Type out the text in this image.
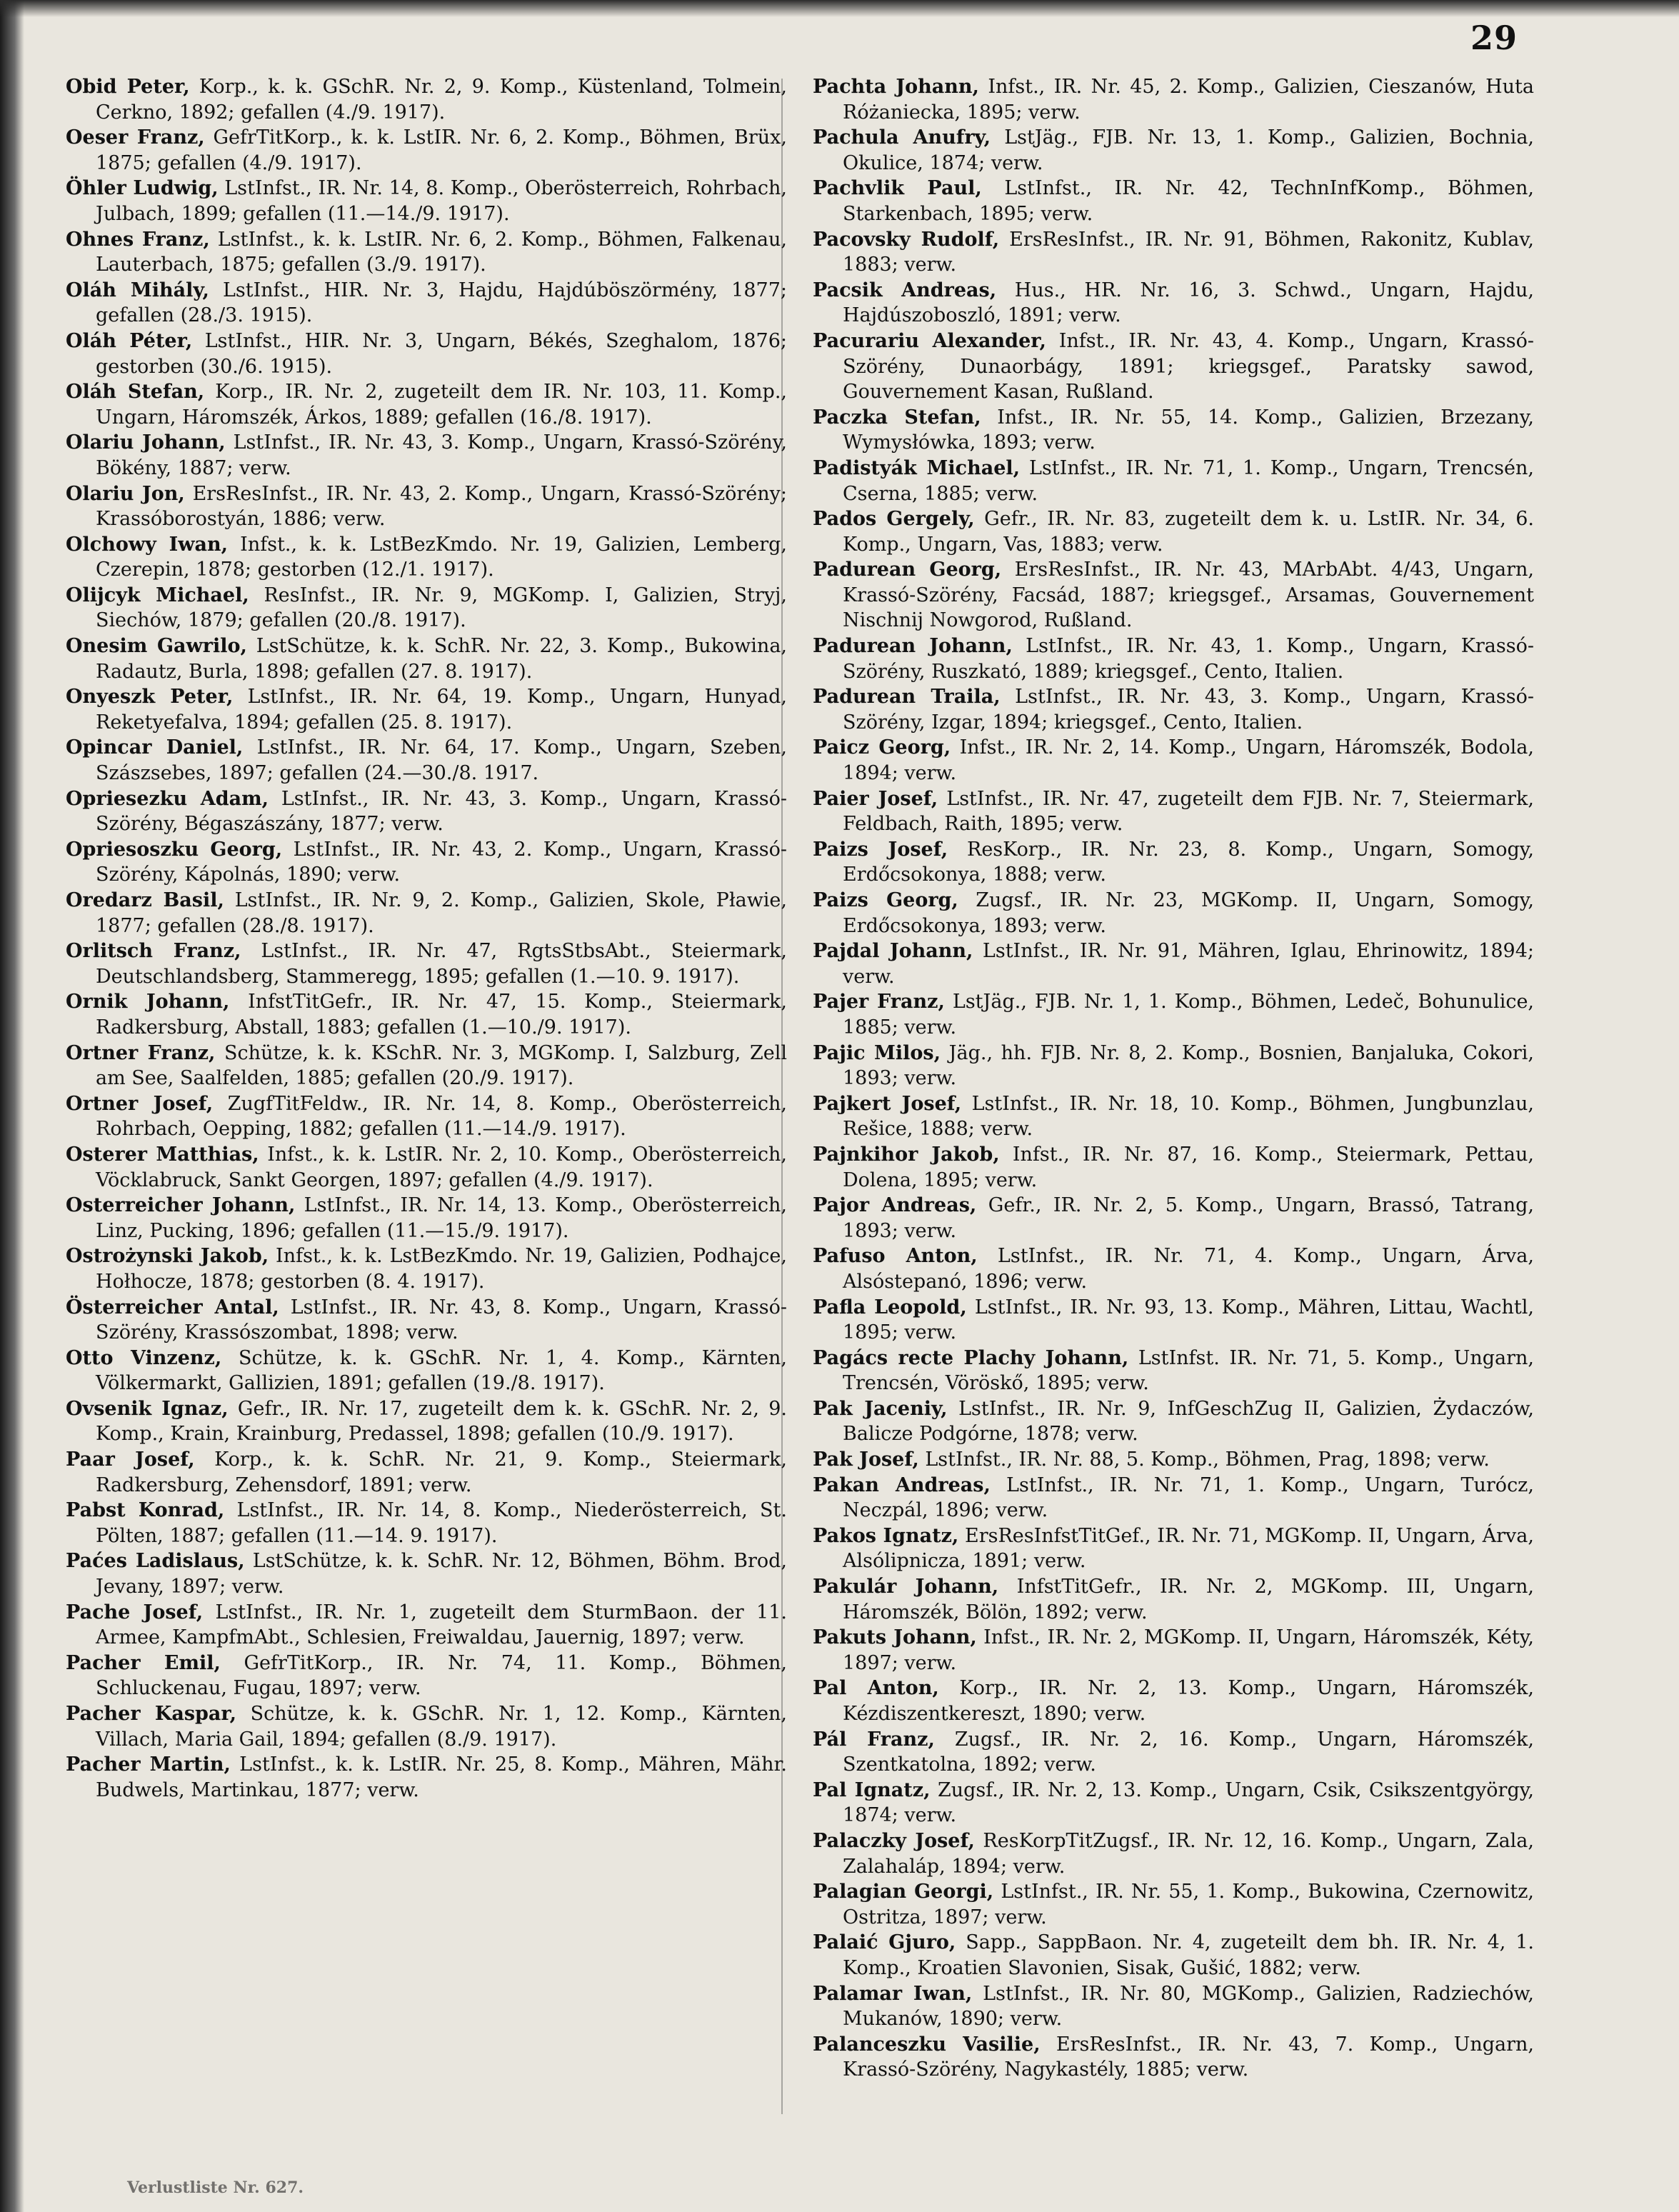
29
Obid Peter, Korp., k. k. GSchR. Nr. 2, 9. Komp., Küstenland, Tolmein, Cerkno, 1892; gefallen (4./9. 1917).
Oeser Franz, GefrTitKorp., k. k. LstIR. Nr. 6, 2. Komp., Böhmen, Brüx, 1875; gefallen (4./9. 1917).
Öhler Ludwig, LstInfst., IR. Nr. 14, 8. Komp., Oberösterreich, Rohrbach, Julbach, 1899; gefallen (11.—14./9. 1917).
Ohnes Franz, LstInfst., k. k. LstIR. Nr. 6, 2. Komp., Böhmen, Falkenau, Lauterbach, 1875; gefallen (3./9. 1917).
Oláh Mihály, LstInfst., HIR. Nr. 3, Hajdu, Hajdúböszörmény, 1877; gefallen (28./3. 1915).
Oláh Péter, LstInfst., HIR. Nr. 3, Ungarn, Békés, Szeghalom, 1876; gestorben (30./6. 1915).
Oláh Stefan, Korp., IR. Nr. 2, zugeteilt dem IR. Nr. 103, 11. Komp., Ungarn, Háromszék, Árkos, 1889; gefallen (16./8. 1917).
Olariu Johann, LstInfst., IR. Nr. 43, 3. Komp., Ungarn, Krassó-Szörény, Bökény, 1887; verw.
Olariu Jon, ErsResInfst., IR. Nr. 43, 2. Komp., Ungarn, Krassó-Szörény; Krassóborostyán, 1886; verw.
Olchowy Iwan, Infst., k. k. LstBezKmdo. Nr. 19, Galizien, Lemberg, Czerepin, 1878; gestorben (12./1. 1917).
Olijcyk Michael, ResInfst., IR. Nr. 9, MGKomp. I, Galizien, Stryj, Siechów, 1879; gefallen (20./8. 1917).
Onesim Gawrilo, LstSchütze, k. k. SchR. Nr. 22, 3. Komp., Bukowina, Radautz, Burla, 1898; gefallen (27. 8. 1917).
Onyeszk Peter, LstInfst., IR. Nr. 64, 19. Komp., Ungarn, Hunyad, Reketyefalva, 1894; gefallen (25. 8. 1917).
Opincar Daniel, LstInfst., IR. Nr. 64, 17. Komp., Ungarn, Szeben, Szászsebes, 1897; gefallen (24.—30./8. 1917.
Opriesezku Adam, LstInfst., IR. Nr. 43, 3. Komp., Ungarn, Krassó-Szörény, Bégaszászány, 1877; verw.
Opriesoszku Georg, LstInfst., IR. Nr. 43, 2. Komp., Ungarn, Krassó-Szörény, Kápolnás, 1890; verw.
Oredarz Basil, LstInfst., IR. Nr. 9, 2. Komp., Galizien, Skole, Pławie, 1877; gefallen (28./8. 1917).
Orlitsch Franz, LstInfst., IR. Nr. 47, RgtsStbsAbt., Steiermark, Deutschlandsberg, Stammeregg, 1895; gefallen (1.—10. 9. 1917).
Ornik Johann, InfstTitGefr., IR. Nr. 47, 15. Komp., Steiermark, Radkersburg, Abstall, 1883; gefallen (1.—10./9. 1917).
Ortner Franz, Schütze, k. k. KSchR. Nr. 3, MGKomp. I, Salzburg, Zell am See, Saalfelden, 1885; gefallen (20./9. 1917).
Ortner Josef, ZugfTitFeldw., IR. Nr. 14, 8. Komp., Oberösterreich, Rohrbach, Oepping, 1882; gefallen (11.—14./9. 1917).
Osterer Matthias, Infst., k. k. LstIR. Nr. 2, 10. Komp., Oberösterreich, Vöcklabruck, Sankt Georgen, 1897; gefallen (4./9. 1917).
Osterreicher Johann, LstInfst., IR. Nr. 14, 13. Komp., Oberösterreich, Linz, Pucking, 1896; gefallen (11.—15./9. 1917).
Ostrożynski Jakob, Infst., k. k. LstBezKmdo. Nr. 19, Galizien, Podhajce, Hołhocze, 1878; gestorben (8. 4. 1917).
Österreicher Antal, LstInfst., IR. Nr. 43, 8. Komp., Ungarn, Krassó-Szörény, Krassószombat, 1898; verw.
Otto Vinzenz, Schütze, k. k. GSchR. Nr. 1, 4. Komp., Kärnten, Völkermarkt, Gallizien, 1891; gefallen (19./8. 1917).
Ovsenik Ignaz, Gefr., IR. Nr. 17, zugeteilt dem k. k. GSchR. Nr. 2, 9. Komp., Krain, Krainburg, Predassel, 1898; gefallen (10./9. 1917).
Paar Josef, Korp., k. k. SchR. Nr. 21, 9. Komp., Steiermark, Radkersburg, Zehensdorf, 1891; verw.
Pabst Konrad, LstInfst., IR. Nr. 14, 8. Komp., Niederösterreich, St. Pölten, 1887; gefallen (11.—14. 9. 1917).
Paćes Ladislaus, LstSchütze, k. k. SchR. Nr. 12, Böhmen, Böhm. Brod, Jevany, 1897; verw.
Pache Josef, LstInfst., IR. Nr. 1, zugeteilt dem SturmBaon. der 11. Armee, KampfmAbt., Schlesien, Freiwaldau, Jauernig, 1897; verw.
Pacher Emil, GefrTitKorp., IR. Nr. 74, 11. Komp., Böhmen, Schluckenau, Fugau, 1897; verw.
Pacher Kaspar, Schütze, k. k. GSchR. Nr. 1, 12. Komp., Kärnten, Villach, Maria Gail, 1894; gefallen (8./9. 1917).
Pacher Martin, LstInfst., k. k. LstIR. Nr. 25, 8. Komp., Mähren, Mähr. Budwels, Martinkau, 1877; verw.
Pachta Johann, Infst., IR. Nr. 45, 2. Komp., Galizien, Cieszanów, Huta Różaniecka, 1895; verw.
Pachula Anufry, LstJäg., FJB. Nr. 13, 1. Komp., Galizien, Bochnia, Okulice, 1874; verw.
Pachvlik Paul, LstInfst., IR. Nr. 42, TechnInfKomp., Böhmen, Starkenbach, 1895; verw.
Pacovsky Rudolf, ErsResInfst., IR. Nr. 91, Böhmen, Rakonitz, Kublav, 1883; verw.
Pacsik Andreas, Hus., HR. Nr. 16, 3. Schwd., Ungarn, Hajdu, Hajdúszoboszló, 1891; verw.
Pacurariu Alexander, Infst., IR. Nr. 43, 4. Komp., Ungarn, Krassó-Szörény, Dunaorbágy, 1891; kriegsgef., Paratsky sawod, Gouvernement Kasan, Rußland.
Paczka Stefan, Infst., IR. Nr. 55, 14. Komp., Galizien, Brzezany, Wymysłówka, 1893; verw.
Padistyák Michael, LstInfst., IR. Nr. 71, 1. Komp., Ungarn, Trencsén, Cserna, 1885; verw.
Pados Gergely, Gefr., IR. Nr. 83, zugeteilt dem k. u. LstIR. Nr. 34, 6. Komp., Ungarn, Vas, 1883; verw.
Padurean Georg, ErsResInfst., IR. Nr. 43, MArbAbt. 4/43, Ungarn, Krassó-Szörény, Facsád, 1887; kriegsgef., Arsamas, Gouvernement Nischnij Nowgorod, Rußland.
Padurean Johann, LstInfst., IR. Nr. 43, 1. Komp., Ungarn, Krassó-Szörény, Ruszkató, 1889; kriegsgef., Cento, Italien.
Padurean Traila, LstInfst., IR. Nr. 43, 3. Komp., Ungarn, Krassó-Szörény, Izgar, 1894; kriegsgef., Cento, Italien.
Paicz Georg, Infst., IR. Nr. 2, 14. Komp., Ungarn, Háromszék, Bodola, 1894; verw.
Paier Josef, LstInfst., IR. Nr. 47, zugeteilt dem FJB. Nr. 7, Steiermark, Feldbach, Raith, 1895; verw.
Paizs Josef, ResKorp., IR. Nr. 23, 8. Komp., Ungarn, Somogy, Erdőcsokonya, 1888; verw.
Paizs Georg, Zugsf., IR. Nr. 23, MGKomp. II, Ungarn, Somogy, Erdőcsokonya, 1893; verw.
Pajdal Johann, LstInfst., IR. Nr. 91, Mähren, Iglau, Ehrinowitz, 1894; verw.
Pajer Franz, LstJäg., FJB. Nr. 1, 1. Komp., Böhmen, Ledeč, Bohunulice, 1885; verw.
Pajic Milos, Jäg., hh. FJB. Nr. 8, 2. Komp., Bosnien, Banjaluka, Cokori, 1893; verw.
Pajkert Josef, LstInfst., IR. Nr. 18, 10. Komp., Böhmen, Jungbunzlau, Rešice, 1888; verw.
Pajnkihor Jakob, Infst., IR. Nr. 87, 16. Komp., Steiermark, Pettau, Dolena, 1895; verw.
Pajor Andreas, Gefr., IR. Nr. 2, 5. Komp., Ungarn, Brassó, Tatrang, 1893; verw.
Pafuso Anton, LstInfst., IR. Nr. 71, 4. Komp., Ungarn, Árva, Alsóstepanó, 1896; verw.
Pafla Leopold, LstInfst., IR. Nr. 93, 13. Komp., Mähren, Littau, Wachtl, 1895; verw.
Pagács recte Plachy Johann, LstInfst. IR. Nr. 71, 5. Komp., Ungarn, Trencsén, Vöröskő, 1895; verw.
Pak Jaceniy, LstInfst., IR. Nr. 9, InfGeschZug II, Galizien, Żydaczów, Balicze Podgórne, 1878; verw.
Pak Josef, LstInfst., IR. Nr. 88, 5. Komp., Böhmen, Prag, 1898; verw.
Pakan Andreas, LstInfst., IR. Nr. 71, 1. Komp., Ungarn, Turócz, Neczpál, 1896; verw.
Pakos Ignatz, ErsResInfstTitGef., IR. Nr. 71, MGKomp. II, Ungarn, Árva, Alsólipnicza, 1891; verw.
Pakulár Johann, InfstTitGefr., IR. Nr. 2, MGKomp. III, Ungarn, Háromszék, Bölön, 1892; verw.
Pakuts Johann, Infst., IR. Nr. 2, MGKomp. II, Ungarn, Háromszék, Kéty, 1897; verw.
Pal Anton, Korp., IR. Nr. 2, 13. Komp., Ungarn, Háromszék, Kézdiszentkereszt, 1890; verw.
Pál Franz, Zugsf., IR. Nr. 2, 16. Komp., Ungarn, Háromszék, Szentkatolna, 1892; verw.
Pal Ignatz, Zugsf., IR. Nr. 2, 13. Komp., Ungarn, Csik, Csikszentgyörgy, 1874; verw.
Palaczky Josef, ResKorpTitZugsf., IR. Nr. 12, 16. Komp., Ungarn, Zala, Zalahaláp, 1894; verw.
Palagian Georgi, LstInfst., IR. Nr. 55, 1. Komp., Bukowina, Czernowitz, Ostritza, 1897; verw.
Palaić Gjuro, Sapp., SappBaon. Nr. 4, zugeteilt dem bh. IR. Nr. 4, 1. Komp., Kroatien Slavonien, Sisak, Gušić, 1882; verw.
Palamar Iwan, LstInfst., IR. Nr. 80, MGKomp., Galizien, Radziechów, Mukanów, 1890; verw.
Palanceszku Vasilie, ErsResInfst., IR. Nr. 43, 7. Komp., Ungarn, Krassó-Szörény, Nagykastély, 1885; verw.
Verlustliste Nr. 627.
